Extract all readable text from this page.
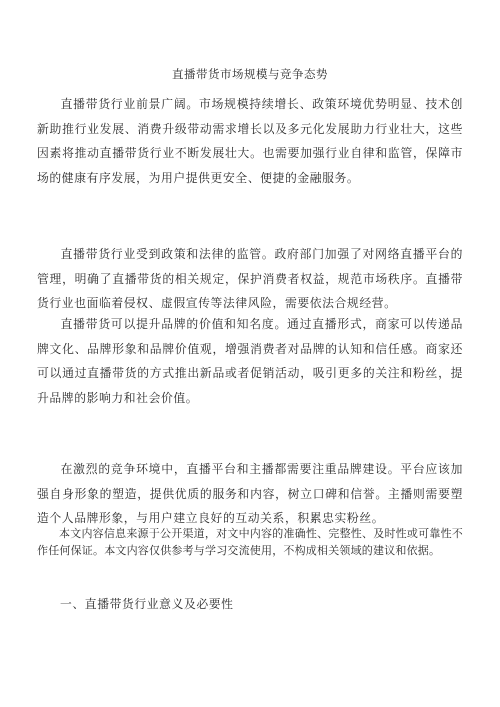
直播带货市场规模与竞争态势

直播带货行业前景广阔。市场规模持续增长、政策环境优势明显、技术创新助推行业发展、消费升级带动需求增长以及多元化发展助力行业壮大，这些因素将推动直播带货行业不断发展壮大。也需要加强行业自律和监管，保障市场的健康有序发展，为用户提供更安全、便捷的金融服务。

直播带货行业受到政策和法律的监管。政府部门加强了对网络直播平台的管理，明确了直播带货的相关规定，保护消费者权益，规范市场秩序。直播带货行业也面临着侵权、虚假宣传等法律风险，需要依法合规经营。

直播带货可以提升品牌的价值和知名度。通过直播形式，商家可以传递品牌文化、品牌形象和品牌价值观，增强消费者对品牌的认知和信任感。商家还可以通过直播带货的方式推出新品或者促销活动，吸引更多的关注和粉丝，提升品牌的影响力和社会价值。

在激烈的竞争环境中，直播平台和主播都需要注重品牌建设。平台应该加强自身形象的塑造，提供优质的服务和内容，树立口碑和信誉。主播则需要塑造个人品牌形象，与用户建立良好的互动关系，积累忠实粉丝。

本文内容信息来源于公开渠道，对文中内容的准确性、完整性、及时性或可靠性不作任何保证。本文内容仅供参考与学习交流使用，不构成相关领域的建议和依据。

一、直播带货行业意义及必要性
